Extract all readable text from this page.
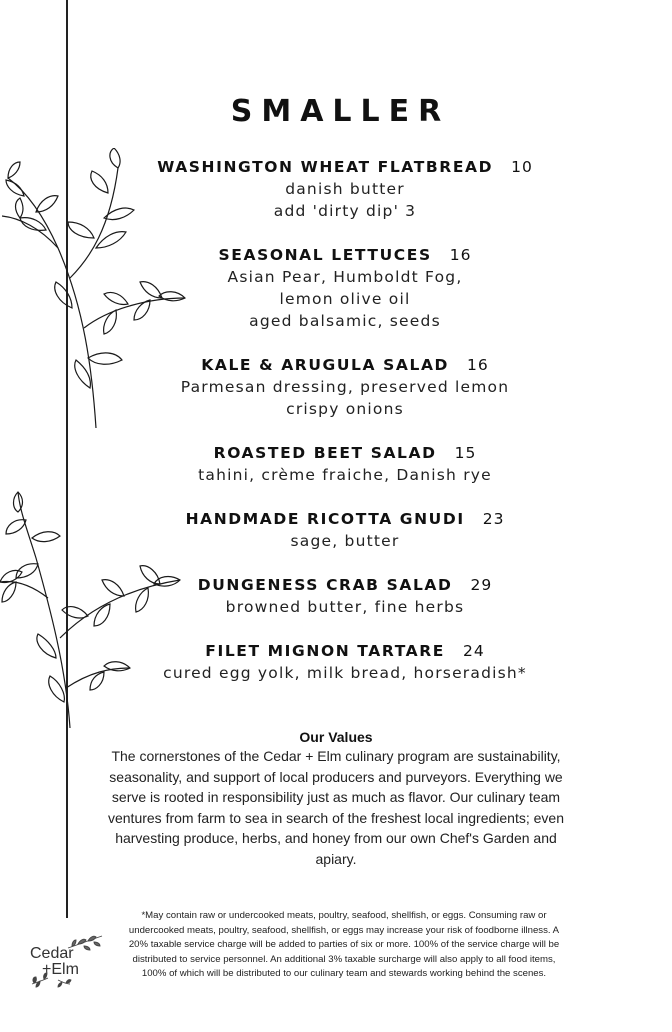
SMALLER
WASHINGTON WHEAT FLATBREAD 10
danish butter
add 'dirty dip' 3
SEASONAL LETTUCES 16
Asian Pear, Humboldt Fog,
lemon olive oil
aged balsamic, seeds
KALE & ARUGULA SALAD 16
Parmesan dressing, preserved lemon
crispy onions
ROASTED BEET SALAD 15
tahini, crème fraiche, Danish rye
HANDMADE RICOTTA GNUDI 23
sage, butter
DUNGENESS CRAB SALAD 29
browned butter, fine herbs
FILET MIGNON TARTARE 24
cured egg yolk, milk bread, horseradish*
Our Values
The cornerstones of the Cedar + Elm culinary program are sustainability, seasonality, and support of local producers and purveyors. Everything we serve is rooted in responsibility just as much as flavor. Our culinary team ventures from farm to sea in search of the freshest local ingredients; even harvesting produce, herbs, and honey from our own Chef's Garden and apiary.
*May contain raw or undercooked meats, poultry, seafood, shellfish, or eggs. Consuming raw or undercooked meats, poultry, seafood, shellfish, or eggs may increase your risk of foodborne illness. A 20% taxable service charge will be added to parties of six or more. 100% of the service charge will be distributed to service personnel. An additional 3% taxable surcharge will also apply to all food items, 100% of which will be distributed to our culinary team and stewards working behind the scenes.
Cedar
+Elm
